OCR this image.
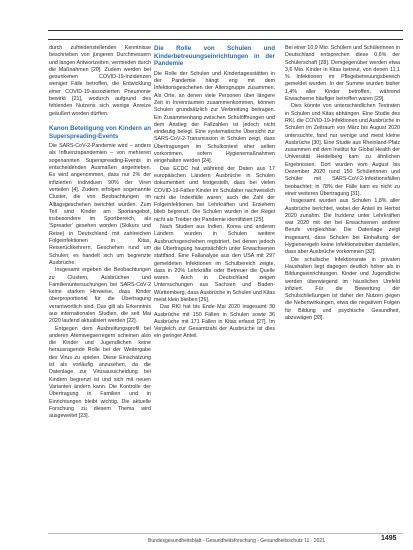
durch zufriedenstellenden Kenntnisse beschrieben von jüngeren Durchmessern und langen Antwortzeiten, vermieden durch die Maßnahmen [20]. Zudem werden bei gesunkenen COVID-19-Inzidenzen weniger Fälle betroffen, die Entwicklung einer COVID-19-assoziierten Pneumonie bewirkt [21], wodurch aufgrund des fehlenden Nutzens sich wenige Anreize geäußert worden dürften.

Kanon Beteiligung von Kindern an Superspreading-Events

Die SARS-CoV-2-Pandemie wird – anders als Influenzapandemien – von mehreren sogenannten Superspreading-Events in entscheidenden Ausmaßen angetrieben. Es wird angenommen, dass nur 2% der infizierten Individuen 90% der Viren verteilen [4]. Zudem erfolgen sogenannte Cluster, die von Beobachtungen im Alltagsgeschehen berichtet wurden. Zum Teil sind Kinder am Sportangebot, insbesondere im Sportbereich, als 'Spreader' gesehen worden (Skikurs und Reise) in Deutschland mit zahlreichen Folgeinfektionen in Kitas, Reiserückkehrern, Geschehen rund um Schulen; es handelt sich um begrenzte Ausbrüche.

Insgesamt ergeben die Beobachtungen zu Clustern, Ausbrüchen und Familienuntersuchungen bei SARS-CoV-2 keine starken Hinweise, dass Kinder überproportional für die Übertragung verantwortlich sind. Das gilt als Erkenntnis aus internationalen Studien, die seit Mai 2020 laufend aktualisiert werden [22].

Entgegen dem Ausbreitungsprofil bei anderen Atemwegserregern scheinen also die Kinder und Jugendlichen keine herausragende Rolle bei der Weitergabe des Virus zu spielen. Diese Einschätzung ist als vorläufig anzusehen, da die Datenlage zur Virusausscheidung bei Kindern begrenzt ist und sich mit neuen Varianten ändern kann. Die Kontrolle der Übertragung in Familien und in Einrichtungen bleibt wichtig. Die aktuelle Forschung zu diesem Thema wird ausgeweitet [23].

Die Rolle von Schulen und Kinderbetreuungseinrichtungen in der Pandemie

Die Rolle der Schulen und Kindertagesstätten in der Pandemie hängt eng mit dem Infektionsgeschehen der Altersgruppe zusammen. Als Orte, an denen viele Personen über längere Zeit in Innenräumen zusammenkommen, können Schulen grundsätzlich zur Verbreitung beitragen. Ein Zusammenhang zwischen Schulöffnungen und dem Anstieg der Fallzahlen ist jedoch nicht eindeutig belegt. Eine systematische Übersicht zur SARS-CoV-2-Transmission in Schulen zeigt, dass Übertragungen im Schulkontext eher selten vorkommen, sofern Hygienemaßnahmen eingehalten werden [24].

Das ECDC hat während der Daten aus 17 europäischen Ländern Ausbrüche in Schulen dokumentiert und festgestellt, dass bei vielen COVID-19-Fällen Kinder im Schulalter nachweislich nicht die Indexfälle waren; auch die Zahl der Folgeinfektionen bei Lehrkräften und Erziehern blieb begrenzt. Die Schulen wurden in der Regel nicht als Treiber der Pandemie identifiziert [25].

Nach Studien aus Indien, Korea und anderen Ländern wurden in Schulen weitere Ausbruchsgeschehen registriert, bei denen jedoch die Übertragung hauptsächlich unter Erwachsenen stattfand. Eine Fallanalyse aus den USA mit 297 gemeldeten Infektionen im Schulbereich zeigte, dass in 20% Lehrkräfte oder Betreuer die Quelle waren. Auch in Deutschland zeigen Untersuchungen aus Sachsen und Baden-Württemberg, dass Ausbrüche in Schulen und Kitas meist klein bleiben [26].

Das RKI hat bis Ende Mai 2020 insgesamt 30 Ausbrüche mit 150 Fällen in Schulen sowie 36 Ausbrüche mit 171 Fällen in Kitas erfasst [27]. Im Vergleich zur Gesamtzahl der Ausbrüche ist dies ein geringer Anteil.

Bei einer 10,9 Mio. Schülern und Schülerinnen in Deutschland entsprechen diese 0,6% der Schülerschaft [28]. Demgegenüber werden etwa 3,6 Mio. Kinder in Kitas betreut, von denen 11,1 % Infektionen im Pflegebetreuungsbereich gemeldet wurden. In der Summe wurden bisher 1,4% aller Kinder betroffen, während Erwachsene häufiger betroffen waren [29].

Dies könnte von unterschiedlichen Testraten in Schulen und Kitas abhängen. Eine Studie des RKI, die COVID-19-Infektionen und Ausbrüche in Schulen im Zeitraum von März bis August 2020 untersuchte, fand nur wenige und meist kleine Ausbrüche [30]. Eine Studie aus Rheinland-Pfalz zusammen mit dem Institut für Global Health der Universität Heidelberg kam zu ähnlichen Ergebnissen. Dort wurden vom August bis Dezember 2020 rund 150 Schülerinnen und Schüler mit SARS-CoV-2-Infektionsfällen beobachtet; in 78% der Fälle kam es nicht zu einer weiteren Übertragung [31].

Insgesamt wurden aus Schulen 1,8% aller Ausbrüche berichtet, wobei der Anteil im Herbst 2020 zunahm. Die Inzidenz unter Lehrkräften war 2020 mit der bei Erwachsenen anderer Berufe vergleichbar. Die Datenlage zeigt insgesamt, dass Schulen bei Einhaltung der Hygieneregeln keine Infektionstreiber darstellen, dass aber Ausbrüche vorkommen [32].

Die schulische Infektionsrate in privaten Haushalten liegt dagegen deutlich höher als in Bildungseinrichtungen. Kinder und Jugendliche werden überwiegend im häuslichen Umfeld infiziert. Für die Bewertung der Schulschließungen ist daher der Nutzen gegen die Nebenwirkungen, etwa die negativen Folgen für Bildung und psychische Gesundheit, abzuwägen [33].

Bundesgesundheitsblatt - Gesundheitsforschung - Gesundheitsschutz 11 · 2021	1495
